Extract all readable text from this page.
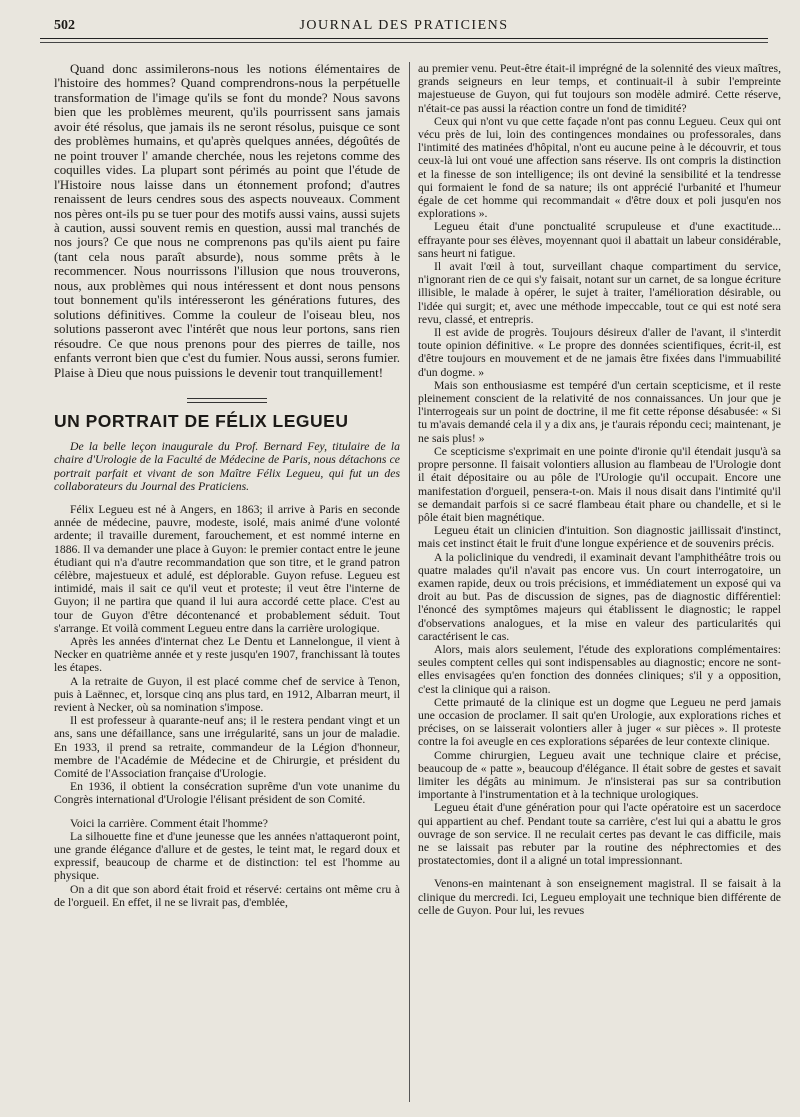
502	JOURNAL DES PRATICIENS

Quand donc assimilerons-nous les notions élémentaires de l'histoire des hommes? Quand comprendrons-nous la perpétuelle transformation de l'image qu'ils se font du monde? Nous savons bien que les problèmes meurent, qu'ils pourrissent sans jamais avoir été résolus, que jamais ils ne seront résolus, puisque ce sont des problèmes humains, et qu'après quelques années, dégoûtés de ne point trouver l' amande cherchée, nous les rejetons comme des coquilles vides. La plupart sont périmés au point que l'étude de l'Histoire nous laisse dans un étonnement profond; d'autres renaissent de leurs cendres sous des aspects nouveaux. Comment nos pères ont-ils pu se tuer pour des motifs aussi vains, aussi sujets à caution, aussi souvent remis en question, aussi mal tranchés de nos jours? Ce que nous ne comprenons pas qu'ils aient pu faire (tant cela nous paraît absurde), nous somme prêts à le recommencer. Nous nourrissons l'illusion que nous trouverons, nous, aux problèmes qui nous intéressent et dont nous pensons tout bonnement qu'ils intéresseront les générations futures, des solutions définitives. Comme la couleur de l'oiseau bleu, nos solutions passeront avec l'intérêt que nous leur portons, sans rien résoudre. Ce que nous prenons pour des pierres de taille, nos enfants verront bien que c'est du fumier. Nous aussi, serons fumier. Plaise à Dieu que nous puissions le devenir tout tranquillement!

UN PORTRAIT DE FÉLIX LEGUEU

De la belle leçon inaugurale du Prof. Bernard Fey, titulaire de la chaire d'Urologie de la Faculté de Médecine de Paris, nous détachons ce portrait parfait et vivant de son Maître Félix Legueu, qui fut un des collaborateurs du Journal des Praticiens.

Félix Legueu est né à Angers, en 1863; il arrive à Paris en seconde année de médecine, pauvre, modeste, isolé, mais animé d'une volonté ardente; il travaille durement, farouchement, et est nommé interne en 1886. Il va demander une place à Guyon: le premier contact entre le jeune étudiant qui n'a d'autre recommandation que son titre, et le grand patron célèbre, majestueux et adulé, est déplorable. Guyon refuse. Legueu est intimidé, mais il sait ce qu'il veut et proteste; il veut être l'interne de Guyon; il ne partira que quand il lui aura accordé cette place. C'est au tour de Guyon d'être décontenancé et probablement séduit. Tout s'arrange. Et voilà comment Legueu entre dans la carrière urologique.

Après les années d'internat chez Le Dentu et Lannelongue, il vient à Necker en quatrième année et y reste jusqu'en 1907, franchissant là toutes les étapes.

A la retraite de Guyon, il est placé comme chef de service à Tenon, puis à Laënnec, et, lorsque cinq ans plus tard, en 1912, Albarran meurt, il revient à Necker, où sa nomination s'impose.

Il est professeur à quarante-neuf ans; il le restera pendant vingt et un ans, sans une défaillance, sans une irrégularité, sans un jour de maladie. En 1933, il prend sa retraite, commandeur de la Légion d'honneur, membre de l'Académie de Médecine et de Chirurgie, et président du Comité de l'Association française d'Urologie.

En 1936, il obtient la consécration suprême d'un vote unanime du Congrès international d'Urologie l'élisant président de son Comité.

Voici la carrière. Comment était l'homme?

La silhouette fine et d'une jeunesse que les années n'attaqueront point, une grande élégance d'allure et de gestes, le teint mat, le regard doux et expressif, beaucoup de charme et de distinction: tel est l'homme au physique.

On a dit que son abord était froid et réservé: certains ont même cru à de l'orgueil. En effet, il ne se livrait pas, d'emblée,

au premier venu. Peut-être était-il imprégné de la solennité des vieux maîtres, grands seigneurs en leur temps, et continuait-il à subir l'empreinte majestueuse de Guyon, qui fut toujours son modèle admiré. Cette réserve, n'était-ce pas aussi la réaction contre un fond de timidité?

Ceux qui n'ont vu que cette façade n'ont pas connu Legueu. Ceux qui ont vécu près de lui, loin des contingences mondaines ou professorales, dans l'intimité des matinées d'hôpital, n'ont eu aucune peine à le découvrir, et tous ceux-là lui ont voué une affection sans réserve. Ils ont compris la distinction et la finesse de son intelligence; ils ont deviné la sensibilité et la tendresse qui formaient le fond de sa nature; ils ont apprécié l'urbanité et l'humeur égale de cet homme qui recommandait « d'être doux et poli jusqu'en nos explorations ».

Legueu était d'une ponctualité scrupuleuse et d'une exactitude... effrayante pour ses élèves, moyennant quoi il abattait un labeur considérable, sans heurt ni fatigue.

Il avait l'œil à tout, surveillant chaque compartiment du service, n'ignorant rien de ce qui s'y faisait, notant sur un carnet, de sa longue écriture illisible, le malade à opérer, le sujet à traiter, l'amélioration désirable, ou l'idée qui surgit; et, avec une méthode impeccable, tout ce qui est noté sera revu, classé, et entrepris.

Il est avide de progrès. Toujours désireux d'aller de l'avant, il s'interdit toute opinion définitive. « Le propre des données scientifiques, écrit-il, est d'être toujours en mouvement et de ne jamais être fixées dans l'immuabilité d'un dogme. »

Mais son enthousiasme est tempéré d'un certain scepticisme, et il reste pleinement conscient de la relativité de nos connaissances. Un jour que je l'interrogeais sur un point de doctrine, il me fit cette réponse désabusée: « Si tu m'avais demandé cela il y a dix ans, je t'aurais répondu ceci; maintenant, je ne sais plus! »

Ce scepticisme s'exprimait en une pointe d'ironie qu'il étendait jusqu'à sa propre personne. Il faisait volontiers allusion au flambeau de l'Urologie dont il était dépositaire ou au pôle de l'Urologie qu'il occupait. Encore une manifestation d'orgueil, pensera-t-on. Mais il nous disait dans l'intimité qu'il se demandait parfois si ce sacré flambeau était phare ou chandelle, et si le pôle était bien magnétique.

Legueu était un clinicien d'intuition. Son diagnostic jaillissait d'instinct, mais cet instinct était le fruit d'une longue expérience et de souvenirs précis.

A la policlinique du vendredi, il examinait devant l'amphithéâtre trois ou quatre malades qu'il n'avait pas encore vus. Un court interrogatoire, un examen rapide, deux ou trois précisions, et immédiatement un exposé qui va droit au but. Pas de discussion de signes, pas de diagnostic différentiel: l'énoncé des symptômes majeurs qui établissent le diagnostic; le rappel d'observations analogues, et la mise en valeur des particularités qui caractérisent le cas.

Alors, mais alors seulement, l'étude des explorations complémentaires: seules comptent celles qui sont indispensables au diagnostic; encore ne sont-elles envisagées qu'en fonction des données cliniques; s'il y a opposition, c'est la clinique qui a raison.

Cette primauté de la clinique est un dogme que Legueu ne perd jamais une occasion de proclamer. Il sait qu'en Urologie, aux explorations riches et précises, on se laisserait volontiers aller à juger « sur pièces ». Il proteste contre la foi aveugle en ces explorations séparées de leur contexte clinique.

Comme chirurgien, Legueu avait une technique claire et précise, beaucoup de « patte », beaucoup d'élégance. Il était sobre de gestes et savait limiter les dégâts au minimum. Je n'insisterai pas sur sa contribution importante à l'instrumentation et à la technique urologiques.

Legueu était d'une génération pour qui l'acte opératoire est un sacerdoce qui appartient au chef. Pendant toute sa carrière, c'est lui qui a abattu le gros ouvrage de son service. Il ne reculait certes pas devant le cas difficile, mais ne se laissait pas rebuter par la routine des néphrectomies et des prostatectomies, dont il a aligné un total impressionnant.

Venons-en maintenant à son enseignement magistral. Il se faisait à la clinique du mercredi. Ici, Legueu employait une technique bien différente de celle de Guyon. Pour lui, les revues
